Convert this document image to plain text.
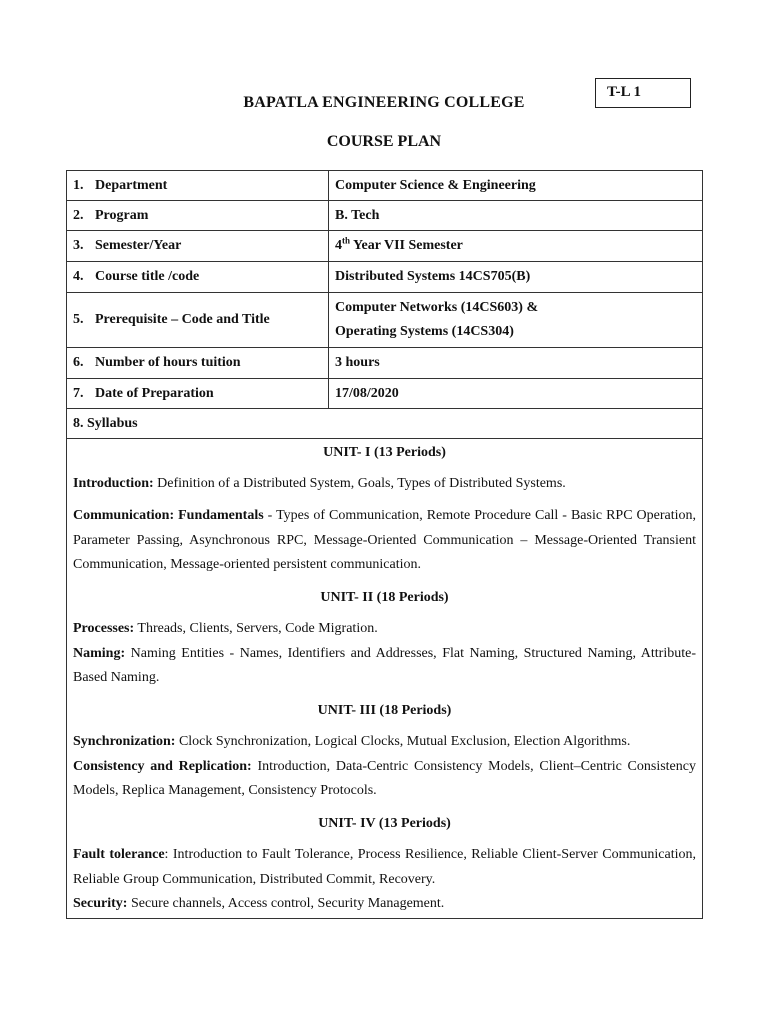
T-L 1
BAPATLA ENGINEERING COLLEGE
COURSE PLAN
1. Department	Computer Science & Engineering
2. Program	B. Tech
3. Semester/Year	4th Year VII Semester
4. Course title /code	Distributed Systems 14CS705(B)
5. Prerequisite – Code and Title	Computer Networks (14CS603) &
Operating Systems (14CS304)

6. Number of hours tuition	3 hours
7. Date of Preparation	17/08/2020
8. Syllabus	
UNIT- I (13 Periods)
Introduction: Definition of a Distributed System, Goals, Types of Distributed Systems.
Communication: Fundamentals - Types of Communication, Remote Procedure Call - Basic RPC Operation, Parameter Passing, Asynchronous RPC, Message-Oriented Communication – Message-Oriented Transient Communication, Message-oriented persistent communication.
UNIT- II (18 Periods)
Processes: Threads, Clients, Servers, Code Migration.
Naming: Naming Entities - Names, Identifiers and Addresses, Flat Naming, Structured Naming, Attribute-Based Naming.
UNIT- III (18 Periods)
Synchronization: Clock Synchronization, Logical Clocks, Mutual Exclusion, Election Algorithms.
Consistency and Replication: Introduction, Data-Centric Consistency Models, Client–Centric Consistency Models, Replica Management, Consistency Protocols.
UNIT- IV (13 Periods)
Fault tolerance: Introduction to Fault Tolerance, Process Resilience, Reliable Client-Server Communication, Reliable Group Communication, Distributed Commit, Recovery.
Security: Secure channels, Access control, Security Management.
